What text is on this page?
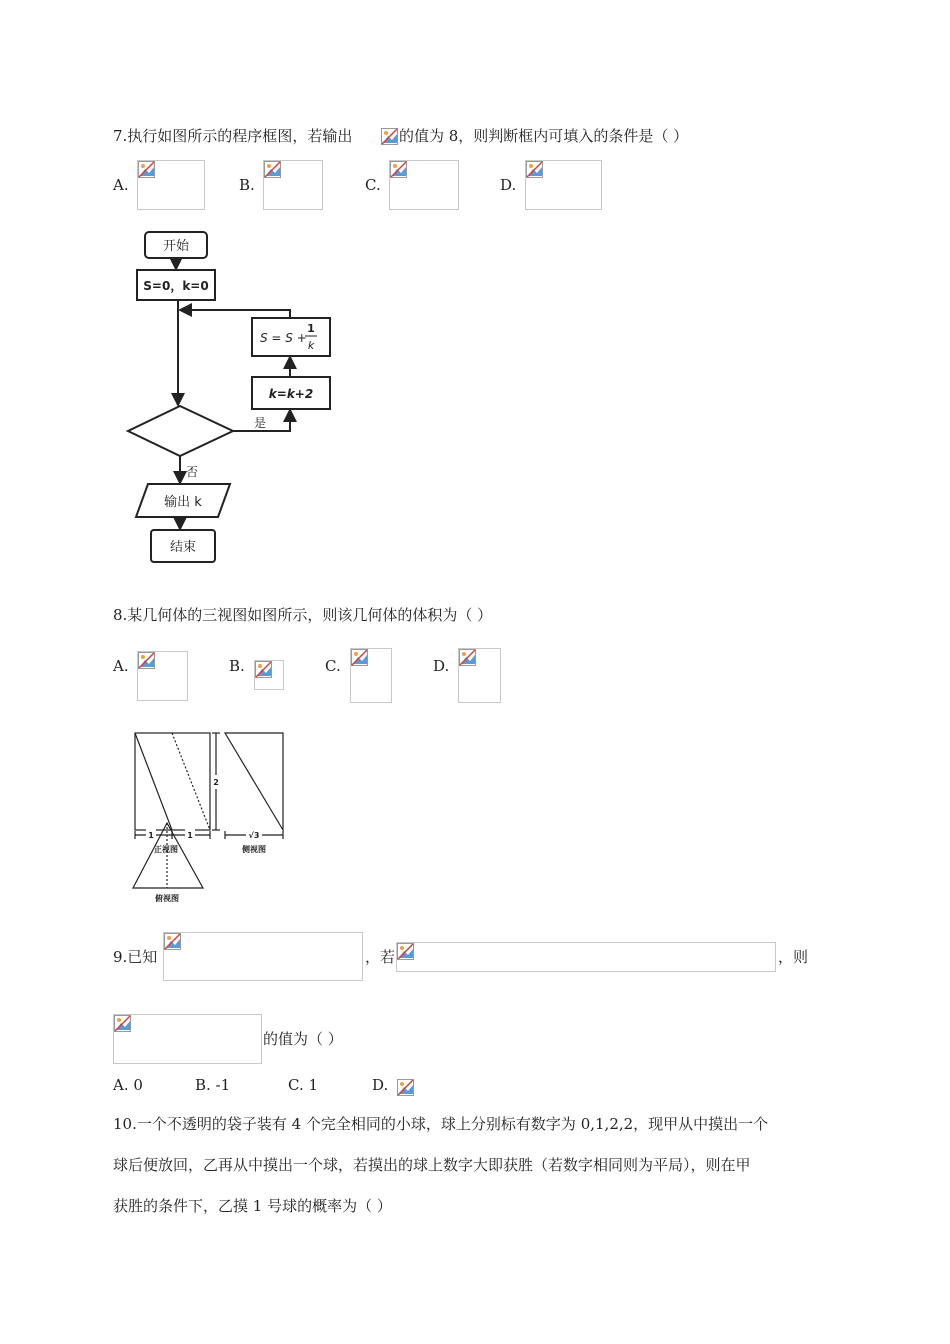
7.执行如图所示的程序框图，若输出	的值为 8，则判断框内可填入的条件是（ ）
A.	B.	C.	D.
开始
S=0，k=0
S = S +
1
k
k=k+2
是
否
输出 k
结束
8.某几何体的三视图如图所示，则该几何体的体积为（ ）
A.	B.	C.	D.
1	1
2
√3
正视图	侧视图
俯视图
9.已知	，若	，则
的值为（ ）
A. 0	B. -1	C. 1	D.
10.一个不透明的袋子装有 4 个完全相同的小球，球上分别标有数字为 0,1,2,2，现甲从中摸出一个
球后便放回，乙再从中摸出一个球，若摸出的球上数字大即获胜（若数字相同则为平局），则在甲
获胜的条件下，乙摸 1 号球的概率为（ ）
